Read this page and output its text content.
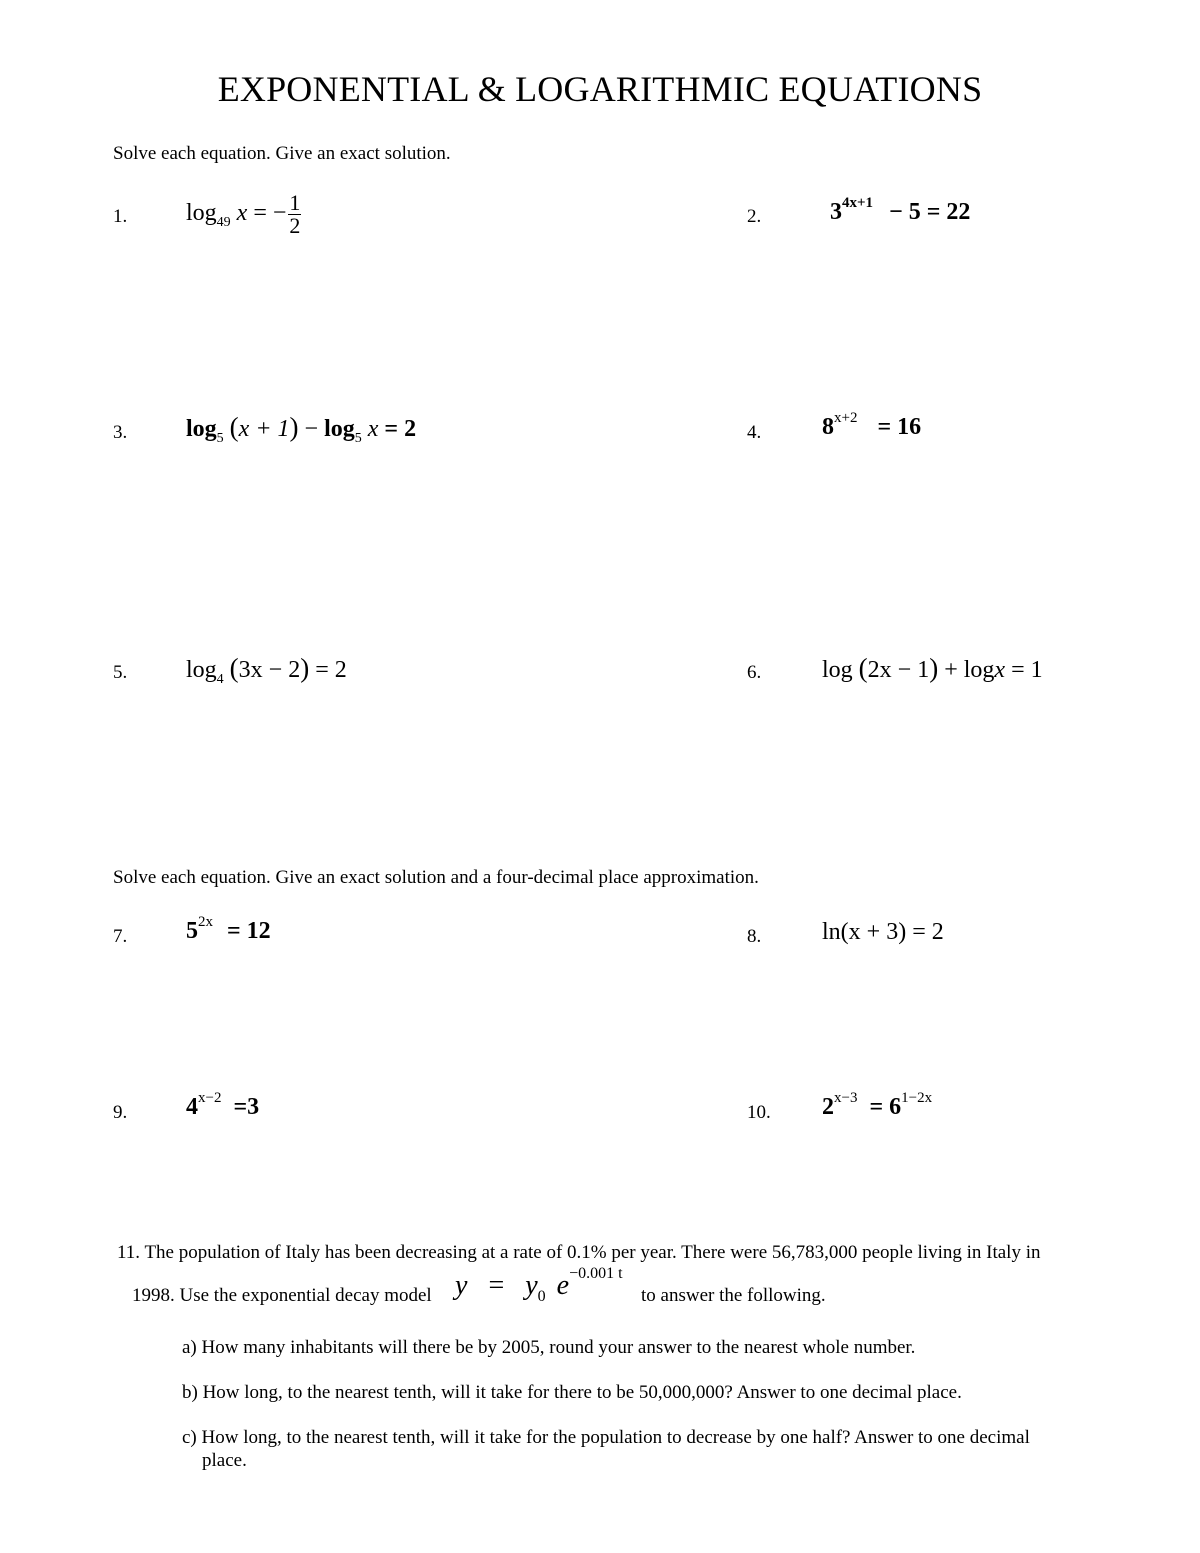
EXPONENTIAL & LOGARITHMIC EQUATIONS
Solve each equation. Give an exact solution.
1. $\log_{49} x$ = − $\frac{1}{2}$	2.	$3^{4x+1} - 5 = 22$
3. $\log_5 (x + 1) - \log_5 x = 2$	4.	$8^{x+2} = 16$
5. $\log_4 (3x - 2) = 2$	6.	log (2x − 1) + logx = 1
Solve each equation. Give an exact solution and a four-decimal place approximation.
7. $5^{2x} = 12$	8.	ln(x + 3) = 2
9. $4^{x-2} =3$	10. $2^{x-3} = 6^{1-2x}$
11. The population of Italy has been decreasing at a rate of 0.1% per year. There were 56,783,000 people living in Italy in
1998. Use the exponential decay model $y = y_0$ $e^{-0.001 t}$
to answer the following.
a) How many inhabitants will there be by 2005, round your answer to the nearest whole number.
b) How long, to the nearest tenth, will it take for there to be 50,000,000? Answer to one decimal place.
c) How long, to the nearest tenth, will it take for the population to decrease by one half? Answer to one decimal
place.
